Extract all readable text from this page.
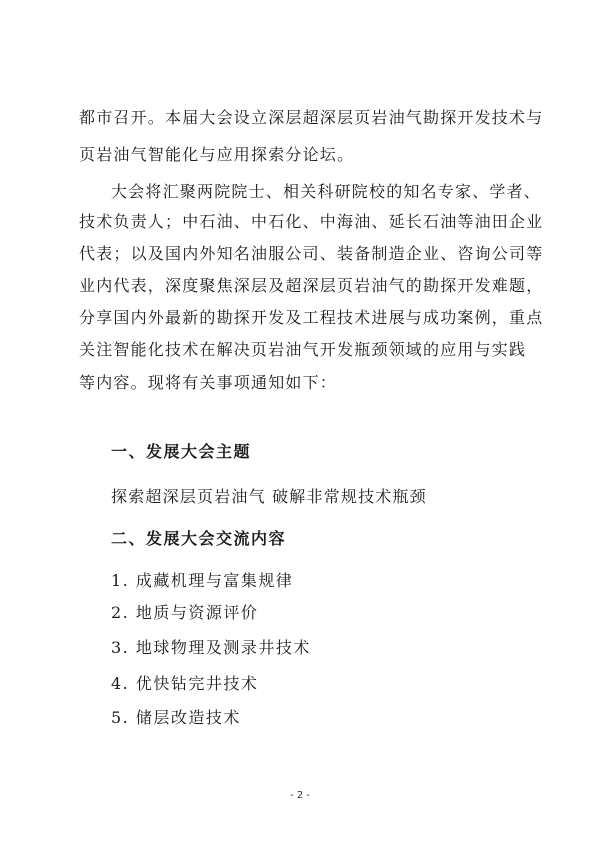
都市召开。本届大会设立深层超深层页岩油气勘探开发技术与
页岩油气智能化与应用探索分论坛。
大会将汇聚两院院士、相关科研院校的知名专家、学者、
技术负责人；中石油、中石化、中海油、延长石油等油田企业
代表；以及国内外知名油服公司、装备制造企业、咨询公司等
业内代表，深度聚焦深层及超深层页岩油气的勘探开发难题，
分享国内外最新的勘探开发及工程技术进展与成功案例，重点
关注智能化技术在解决页岩油气开发瓶颈领域的应用与实践
等内容。现将有关事项通知如下：
一、发展大会主题
探索超深层页岩油气 破解非常规技术瓶颈
二、发展大会交流内容
1. 成藏机理与富集规律
2. 地质与资源评价
3. 地球物理及测录井技术
4. 优快钻完井技术
5. 储层改造技术
- 2 -
